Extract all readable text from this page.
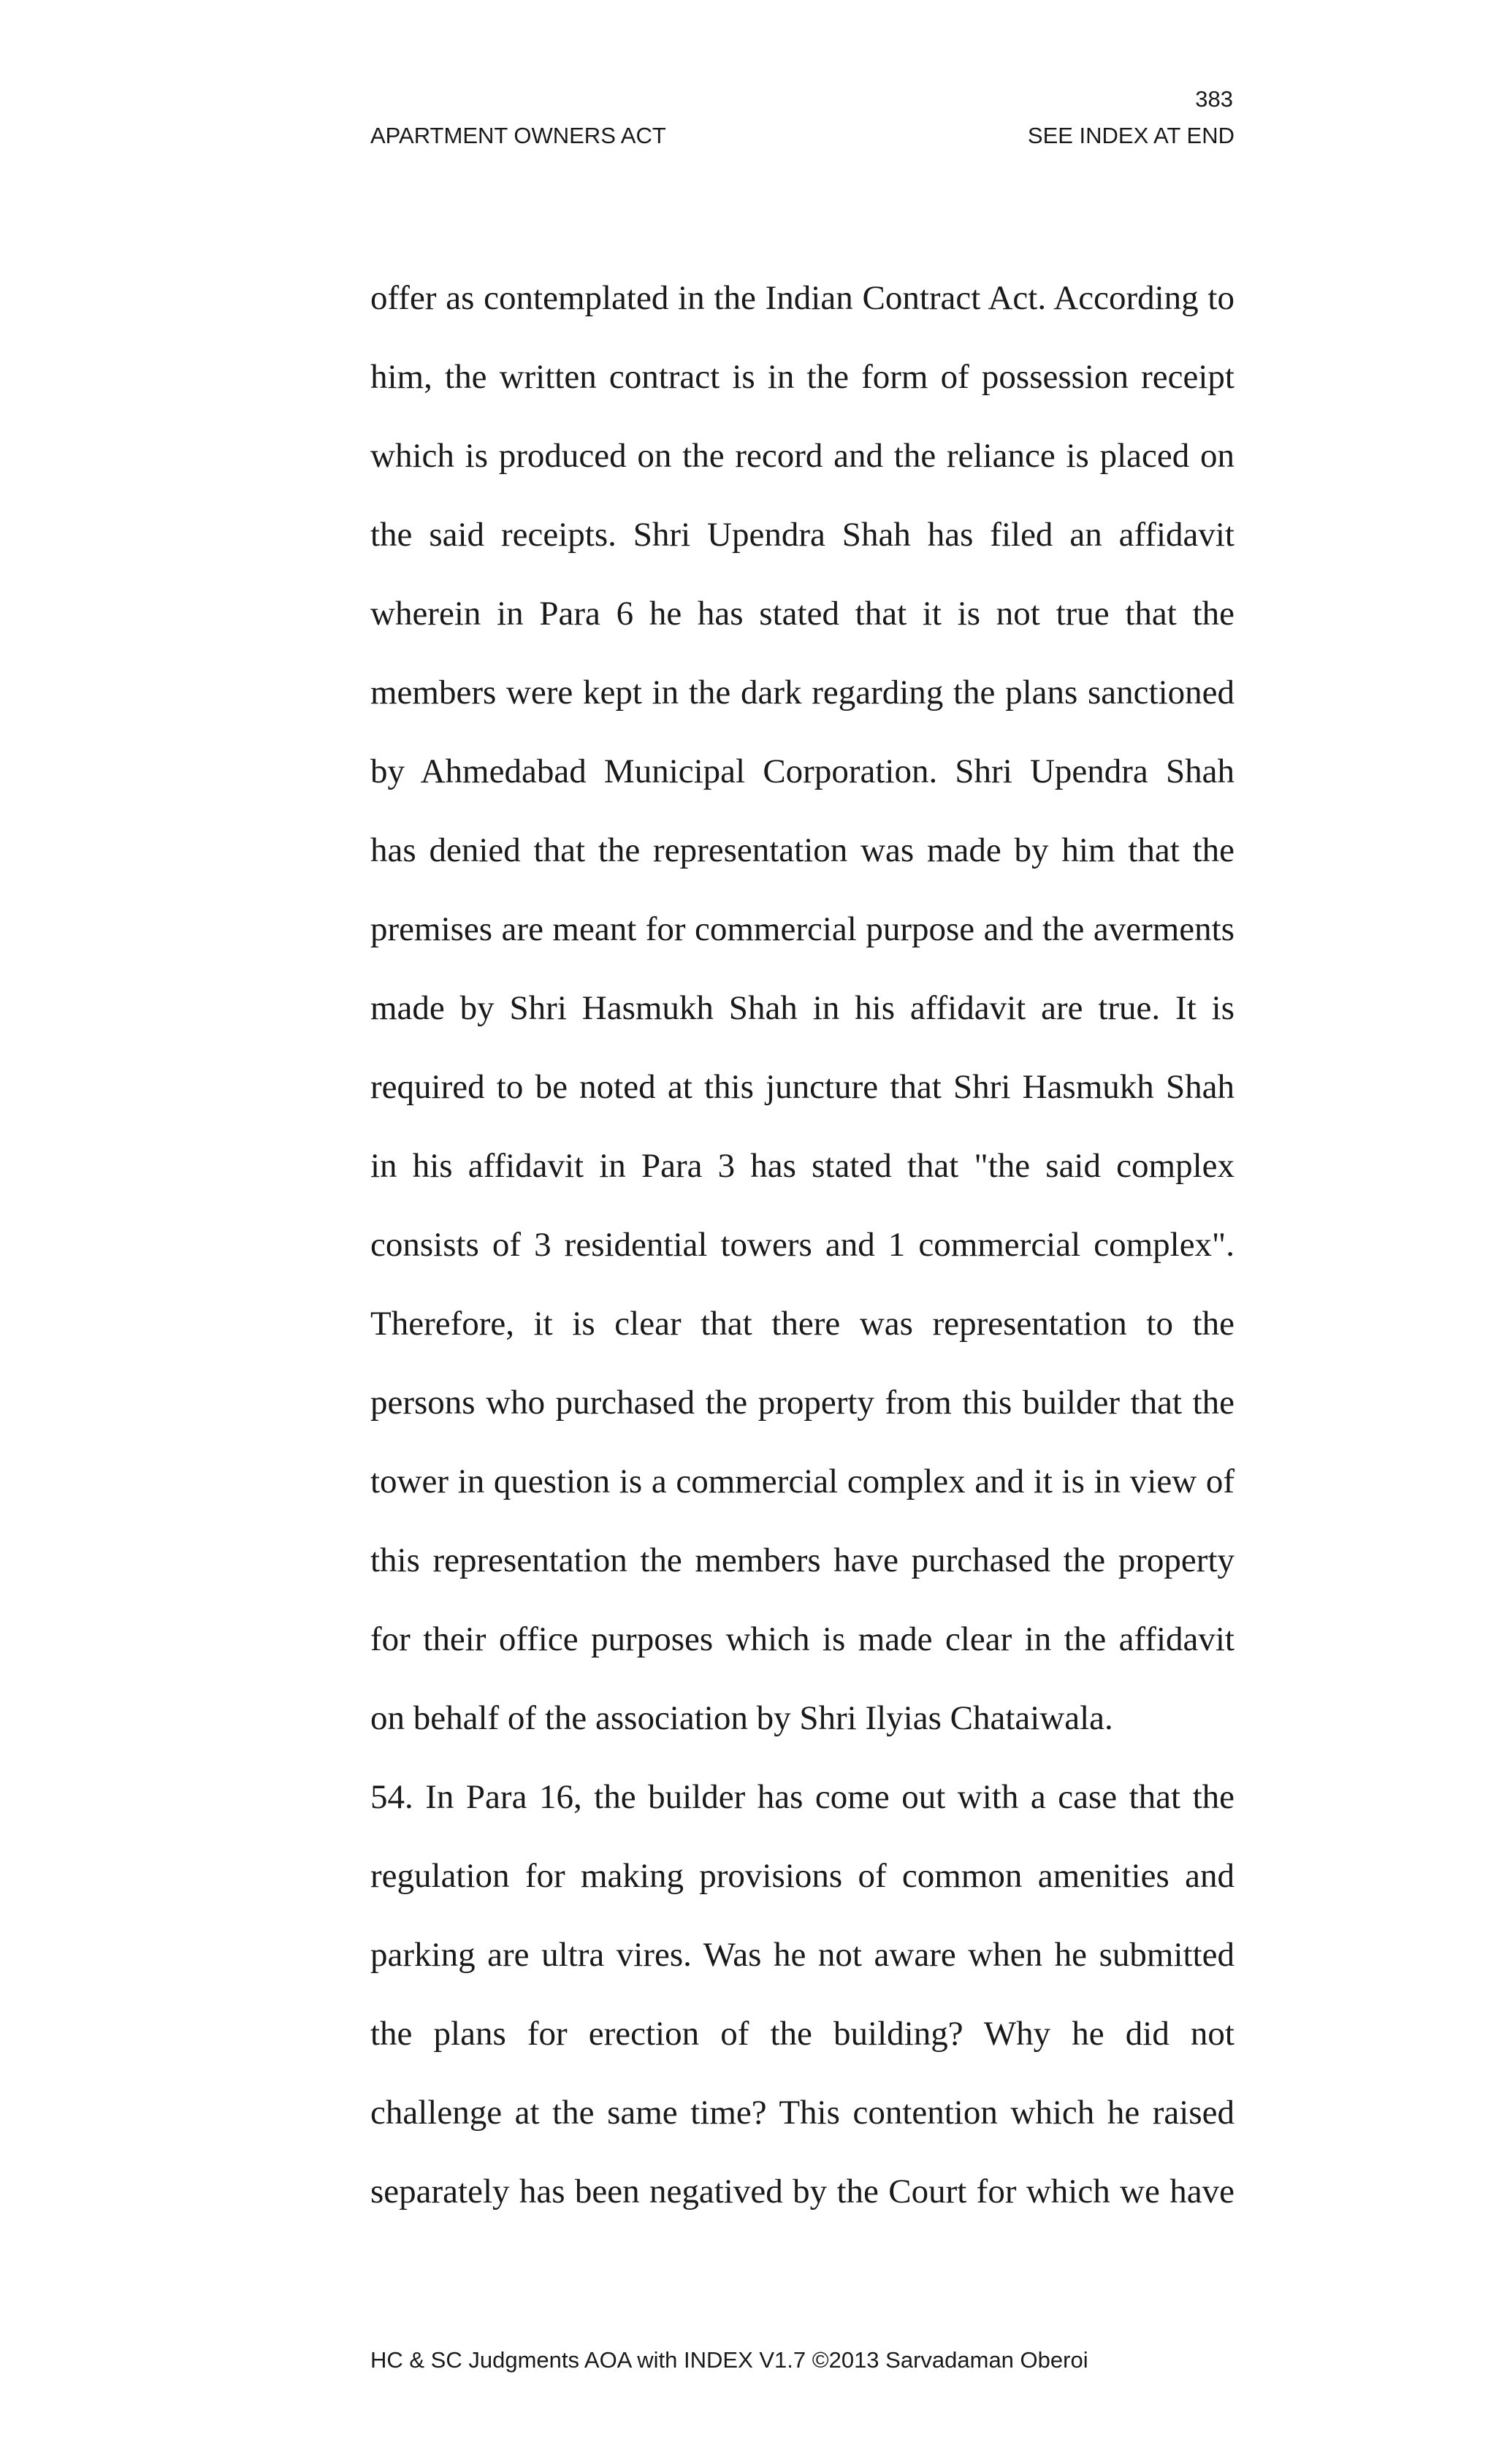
383
APARTMENT OWNERS ACT	SEE INDEX AT END
offer as contemplated in the Indian Contract Act. According to
him, the written contract is in the form of possession receipt
which is produced on the record and the reliance is placed on
the said receipts. Shri Upendra Shah has filed an affidavit
wherein in Para 6 he has stated that it is not true that the
members were kept in the dark regarding the plans sanctioned
by Ahmedabad Municipal Corporation. Shri Upendra Shah
has denied that the representation was made by him that the
premises are meant for commercial purpose and the averments
made by Shri Hasmukh Shah in his affidavit are true. It is
required to be noted at this juncture that Shri Hasmukh Shah
in his affidavit in Para 3 has stated that "the said complex
consists of 3 residential towers and 1 commercial complex".
Therefore, it is clear that there was representation to the
persons who purchased the property from this builder that the
tower in question is a commercial complex and it is in view of
this representation the members have purchased the property
for their office purposes which is made clear in the affidavit
on behalf of the association by Shri Ilyias Chataiwala.
54. In Para 16, the builder has come out with a case that the
regulation for making provisions of common amenities and
parking are ultra vires. Was he not aware when he submitted
the plans for erection of the building? Why he did not
challenge at the same time? This contention which he raised
separately has been negatived by the Court for which we have
HC & SC Judgments AOA with INDEX V1.7 ©2013 Sarvadaman Oberoi
